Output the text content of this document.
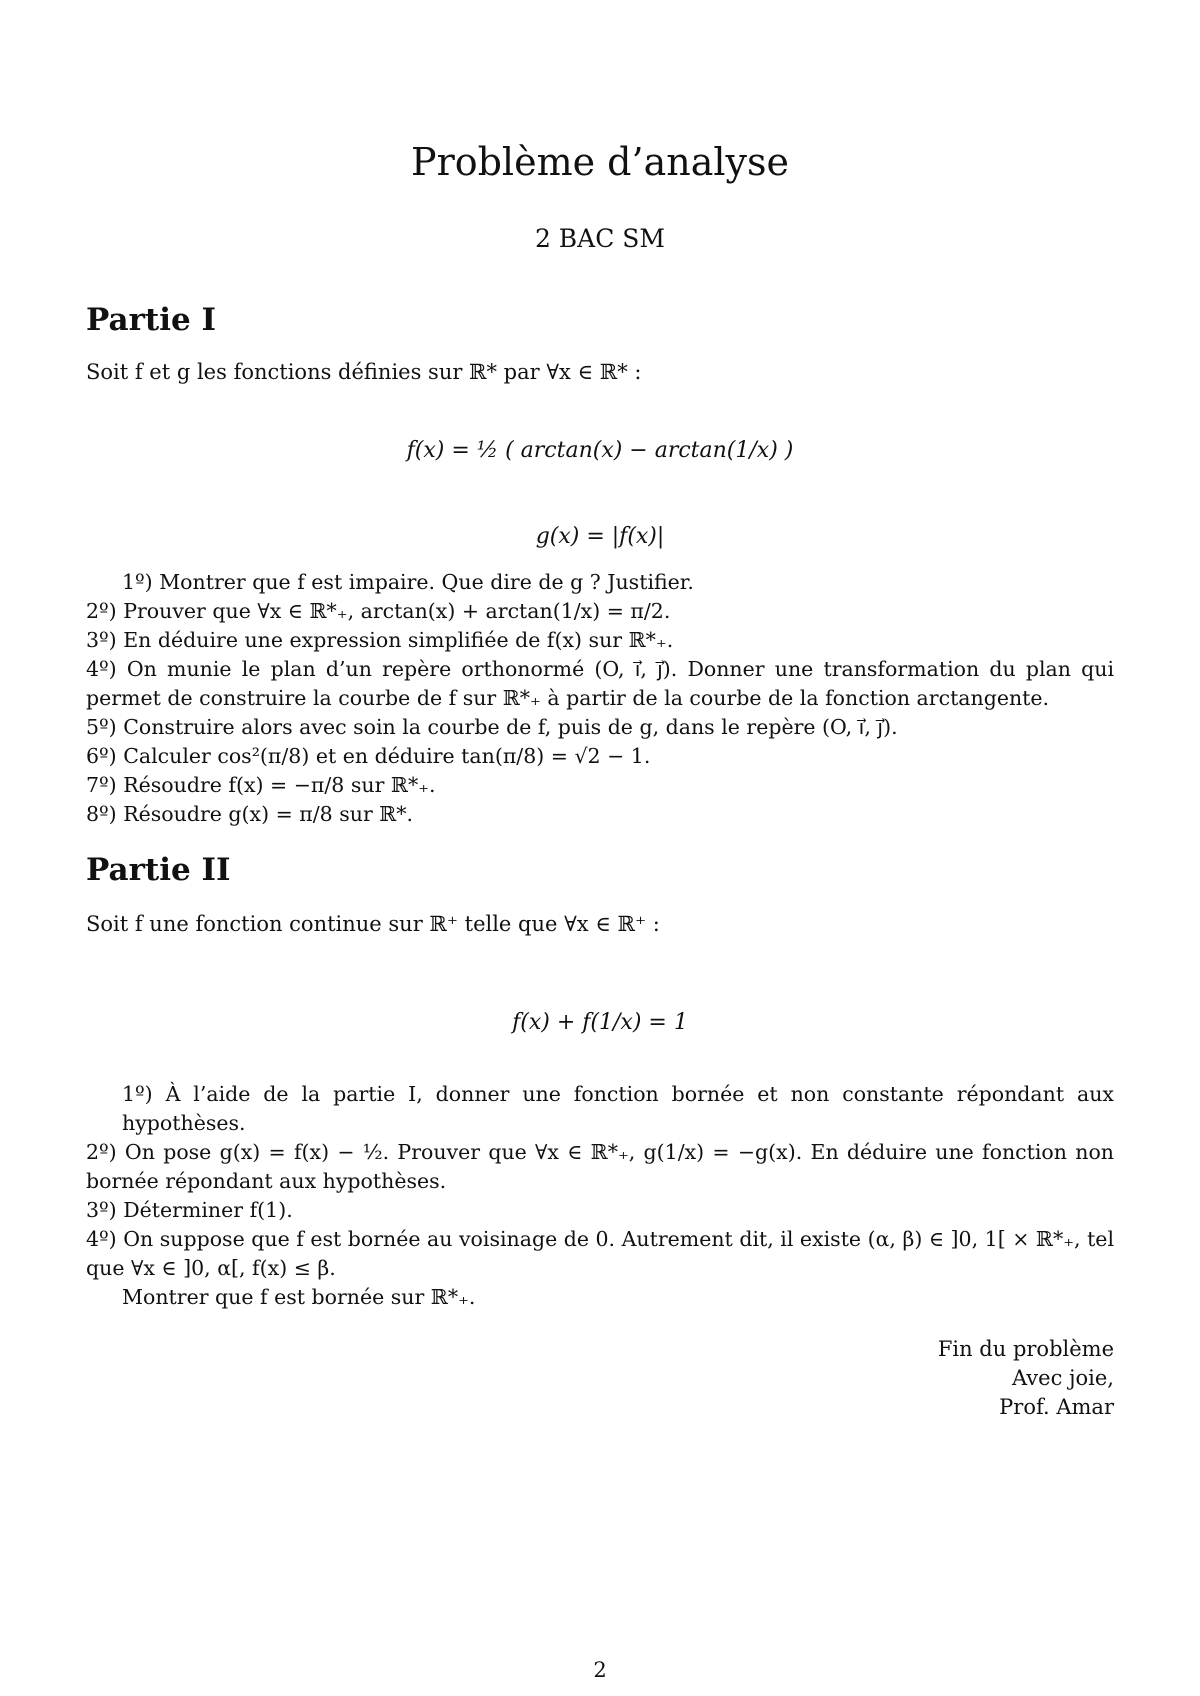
Problème d’analyse
2 BAC SM
Partie I

Soit f et g les fonctions définies sur ℝ* par ∀x ∈ ℝ* :

f(x) = ½ ( arctan(x) − arctan(1/x) )

g(x) = |f(x)|

1º) Montrer que f est impaire. Que dire de g ? Justifier.
2º) Prouver que ∀x ∈ ℝ*₊, arctan(x) + arctan(1/x) = π/2.
3º) En déduire une expression simplifiée de f(x) sur ℝ*₊.
4º) On munie le plan d’un repère orthonormé (O, i⃗, j⃗). Donner une transformation du plan qui permet de construire la courbe de f sur ℝ*₊ à partir de la courbe de la fonction arctangente.
5º) Construire alors avec soin la courbe de f, puis de g, dans le repère (O, i⃗, j⃗).
6º) Calculer cos²(π/8) et en déduire tan(π/8) = √2 − 1.
7º) Résoudre f(x) = −π/8 sur ℝ*₊.
8º) Résoudre g(x) = π/8 sur ℝ*.
Partie II

Soit f une fonction continue sur ℝ⁺ telle que ∀x ∈ ℝ⁺ :

f(x) + f(1/x) = 1

1º) À l’aide de la partie I, donner une fonction bornée et non constante répondant aux hypothèses.
2º) On pose g(x) = f(x) − ½. Prouver que ∀x ∈ ℝ*₊, g(1/x) = −g(x). En déduire une fonction non bornée répondant aux hypothèses.
3º) Déterminer f(1).
4º) On suppose que f est bornée au voisinage de 0. Autrement dit, il existe (α, β) ∈ ]0, 1[ × ℝ*₊, tel que ∀x ∈ ]0, α[, f(x) ≤ β.
Montrer que f est bornée sur ℝ*₊.
Fin du problème
Avec joie,
Prof. Amar
2
